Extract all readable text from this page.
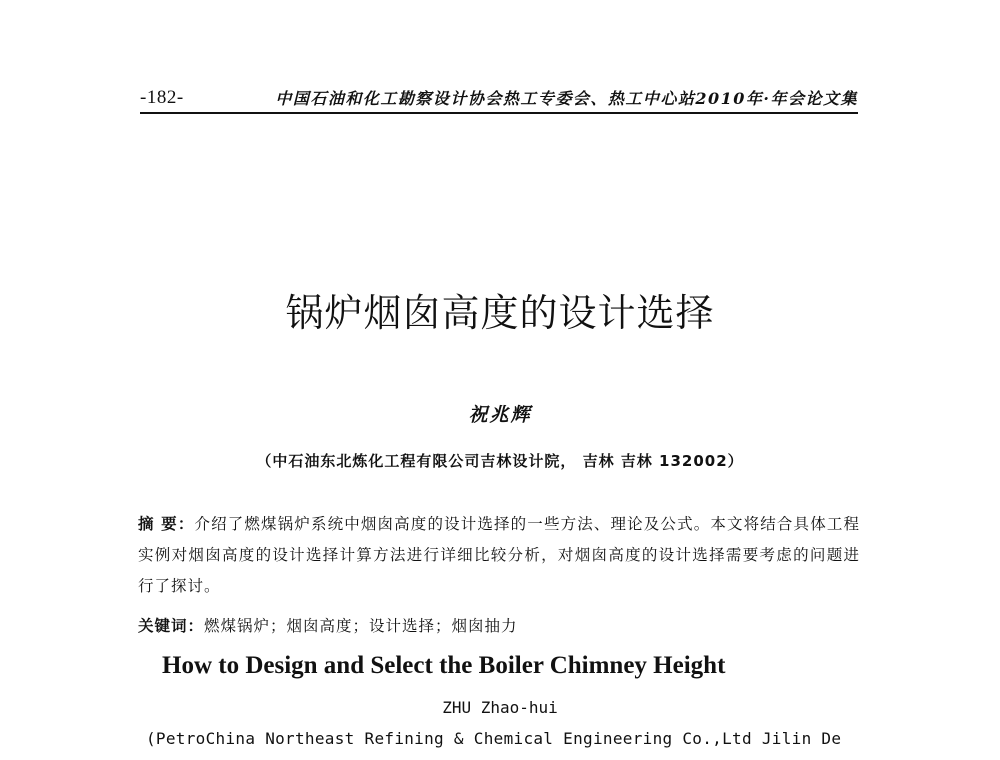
-182-	中国石油和化工勘察设计协会热工专委会、热工中心站2010年·年会论文集
锅炉烟囱高度的设计选择
祝兆辉
（中石油东北炼化工程有限公司吉林设计院， 吉林 吉林 132002）
摘 要：介绍了燃煤锅炉系统中烟囱高度的设计选择的一些方法、理论及公式。本文将结合具体工程实例对烟囱高度的设计选择计算方法进行详细比较分析，对烟囱高度的设计选择需要考虑的问题进行了探讨。
关键词：燃煤锅炉；烟囱高度；设计选择；烟囱抽力
How to Design and Select the Boiler Chimney Height
ZHU Zhao-hui
(PetroChina Northeast Refining & Chemical Engineering Co.,Ltd Jilin De
